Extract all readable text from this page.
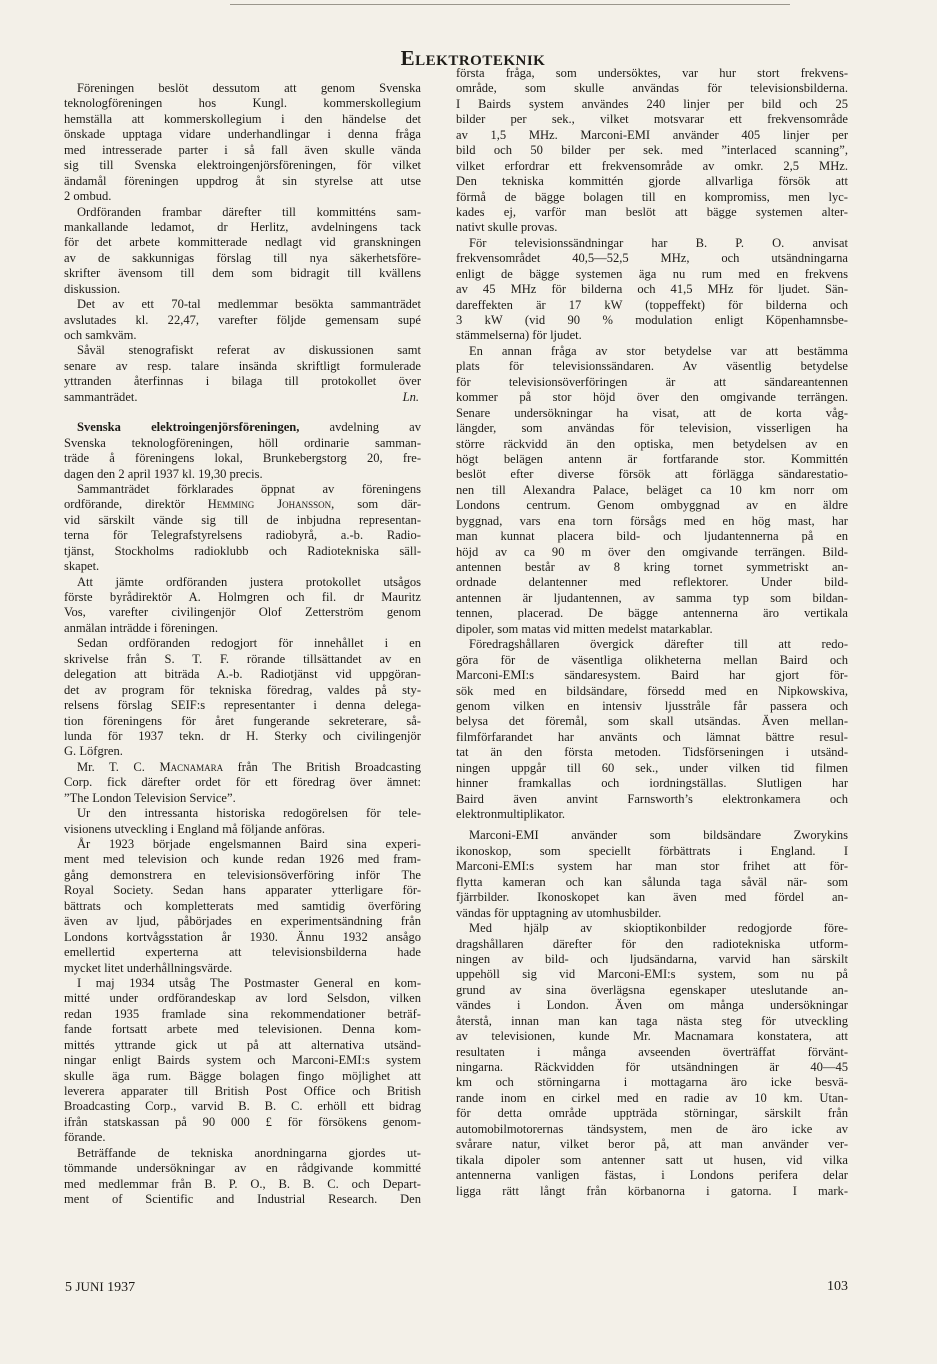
Elektroteknik
Föreningen beslöt dessutom att genom Svenska
teknologföreningen hos Kungl. kommerskollegium
hemställa att kommerskollegium i den händelse det
önskade upptaga vidare underhandlingar i denna fråga
med intresserade parter i så fall även skulle vända
sig till Svenska elektroingenjörsföreningen, för vilket
ändamål föreningen uppdrog åt sin styrelse att utse
2 ombud.
Ordföranden frambar därefter till kommitténs sam-
mankallande ledamot, dr Herlitz, avdelningens tack
för det arbete kommitterade nedlagt vid granskningen
av de sakkunnigas förslag till nya säkerhetsföre-
skrifter ävensom till dem som bidragit till kvällens
diskussion.
Det av ett 70-tal medlemmar besökta sammanträdet
avslutades kl. 22,47, varefter följde gemensam supé
och samkväm.
Såväl stenografiskt referat av diskussionen samt
senare av resp. talare insända skriftligt formulerade
yttranden återfinnas i bilaga till protokollet över
sammanträdet.	Ln.
Svenska elektroingenjörsföreningen, avdelning av
Svenska teknologföreningen, höll ordinarie samman-
träde å föreningens lokal, Brunkebergstorg 20, fre-
dagen den 2 april 1937 kl. 19,30 precis.
Sammanträdet förklarades öppnat av föreningens
ordförande, direktör Hemming Johansson, som där-
vid särskilt vände sig till de inbjudna representan-
terna för Telegrafstyrelsens radiobyrå, a.-b. Radio-
tjänst, Stockholms radioklubb och Radiotekniska säll-
skapet.
Att jämte ordföranden justera protokollet utsågos
förste byrådirektör A. Holmgren och fil. dr Mauritz
Vos, varefter civilingenjör Olof Zetterström genom
anmälan inträdde i föreningen.
Sedan ordföranden redogjort för innehållet i en
skrivelse från S. T. F. rörande tillsättandet av en
delegation att biträda A.-b. Radiotjänst vid uppgöran-
det av program för tekniska föredrag, valdes på sty-
relsens förslag SEIF:s representanter i denna delega-
tion föreningens för året fungerande sekreterare, så-
lunda för 1937 tekn. dr H. Sterky och civilingenjör
G. Löfgren.
Mr. T. C. Macnamara från The British Broadcasting
Corp. fick därefter ordet för ett föredrag över ämnet:
”The London Television Service”.
Ur den intressanta historiska redogörelsen för tele-
visionens utveckling i England må följande anföras.
År 1923 började engelsmannen Baird sina experi-
ment med television och kunde redan 1926 med fram-
gång demonstrera en televisionsöverföring inför The
Royal Society. Sedan hans apparater ytterligare för-
bättrats och kompletterats med samtidig överföring
även av ljud, påbörjades en experimentsändning från
Londons kortvågsstation år 1930. Ännu 1932 ansågo
emellertid experterna att televisionsbilderna hade
mycket litet underhållningsvärde.
I maj 1934 utsåg The Postmaster General en kom-
mitté under ordförandeskap av lord Selsdon, vilken
redan 1935 framlade sina rekommendationer beträf-
fande fortsatt arbete med televisionen. Denna kom-
mittés yttrande gick ut på att alternativa utsänd-
ningar enligt Bairds system och Marconi-EMI:s system
skulle äga rum. Bägge bolagen fingo möjlighet att
leverera apparater till British Post Office och British
Broadcasting Corp., varvid B. B. C. erhöll ett bidrag
ifrån statskassan på 90 000 £ för försökens genom-
förande.
Beträffande de tekniska anordningarna gjordes ut-
tömmande undersökningar av en rådgivande kommitté
med medlemmar från B. P. O., B. B. C. och Depart-
ment of Scientific and Industrial Research. Den
första fråga, som undersöktes, var hur stort frekvens-
område, som skulle användas för televisionsbilderna.
I Bairds system användes 240 linjer per bild och 25
bilder per sek., vilket motsvarar ett frekvensområde
av 1,5 MHz. Marconi-EMI använder 405 linjer per
bild och 50 bilder per sek. med ”interlaced scanning”,
vilket erfordrar ett frekvensområde av omkr. 2,5 MHz.
Den tekniska kommittén gjorde allvarliga försök att
förmå de bägge bolagen till en kompromiss, men lyc-
kades ej, varför man beslöt att bägge systemen alter-
nativt skulle provas.
För televisionssändningar har B. P. O. anvisat
frekvensområdet 40,5—52,5 MHz, och utsändningarna
enligt de bägge systemen äga nu rum med en frekvens
av 45 MHz för bilderna och 41,5 MHz för ljudet. Sän-
dareffekten är 17 kW (toppeffekt) för bilderna och
3 kW (vid 90 % modulation enligt Köpenhamnsbe-
stämmelserna) för ljudet.
En annan fråga av stor betydelse var att bestämma
plats för televisionssändaren. Av väsentlig betydelse
för televisionsöverföringen är att sändareantennen
kommer på stor höjd över den omgivande terrängen.
Senare undersökningar ha visat, att de korta våg-
längder, som användas för television, visserligen ha
större räckvidd än den optiska, men betydelsen av en
högt belägen antenn är fortfarande stor. Kommittén
beslöt efter diverse försök att förlägga sändarestatio-
nen till Alexandra Palace, beläget ca 10 km norr om
Londons centrum. Genom ombyggnad av en äldre
byggnad, vars ena torn försågs med en hög mast, har
man kunnat placera bild- och ljudantennerna på en
höjd av ca 90 m över den omgivande terrängen. Bild-
antennen består av 8 kring tornet symmetriskt an-
ordnade delantenner med reflektorer. Under bild-
antennen är ljudantennen, av samma typ som bildan-
tennen, placerad. De bägge antennerna äro vertikala
dipoler, som matas vid mitten medelst matarkablar.
Föredragshållaren övergick därefter till att redo-
göra för de väsentliga olikheterna mellan Baird och
Marconi-EMI:s sändaresystem. Baird har gjort för-
sök med en bildsändare, försedd med en Nipkowskiva,
genom vilken en intensiv ljusstråle får passera och
belysa det föremål, som skall utsändas. Även mellan-
filmförfarandet har använts och lämnat bättre resul-
tat än den första metoden. Tidsförseningen i utsänd-
ningen uppgår till 60 sek., under vilken tid filmen
hinner framkallas och iordningställas. Slutligen har
Baird även anvint Farnsworth’s elektronkamera och
elektronmultiplikator.
Marconi-EMI använder som bildsändare Zworykins
ikonoskop, som speciellt förbättrats i England. I
Marconi-EMI:s system har man stor frihet att för-
flytta kameran och kan sålunda taga såväl när- som
fjärrbilder. Ikonoskopet kan även med fördel an-
vändas för upptagning av utomhusbilder.
Med hjälp av skioptikonbilder redogjorde före-
dragshållaren därefter för den radiotekniska utform-
ningen av bild- och ljudsändarna, varvid han särskilt
uppehöll sig vid Marconi-EMI:s system, som nu på
grund av sina överlägsna egenskaper uteslutande an-
vändes i London. Även om många undersökningar
återstå, innan man kan taga nästa steg för utveckling
av televisionen, kunde Mr. Macnamara konstatera, att
resultaten i många avseenden överträffat förvänt-
ningarna. Räckvidden för utsändningen är 40—45
km och störningarna i mottagarna äro icke besvä-
rande inom en cirkel med en radie av 10 km. Utan-
för detta område uppträda störningar, särskilt från
automobilmotorernas tändsystem, men de äro icke av
svårare natur, vilket beror på, att man använder ver-
tikala dipoler som antenner satt ut husen, vid vilka
antennerna vanligen fästas, i Londons perifera delar
ligga rätt långt från körbanorna i gatorna. I mark-
5 JUNI 1937	103
